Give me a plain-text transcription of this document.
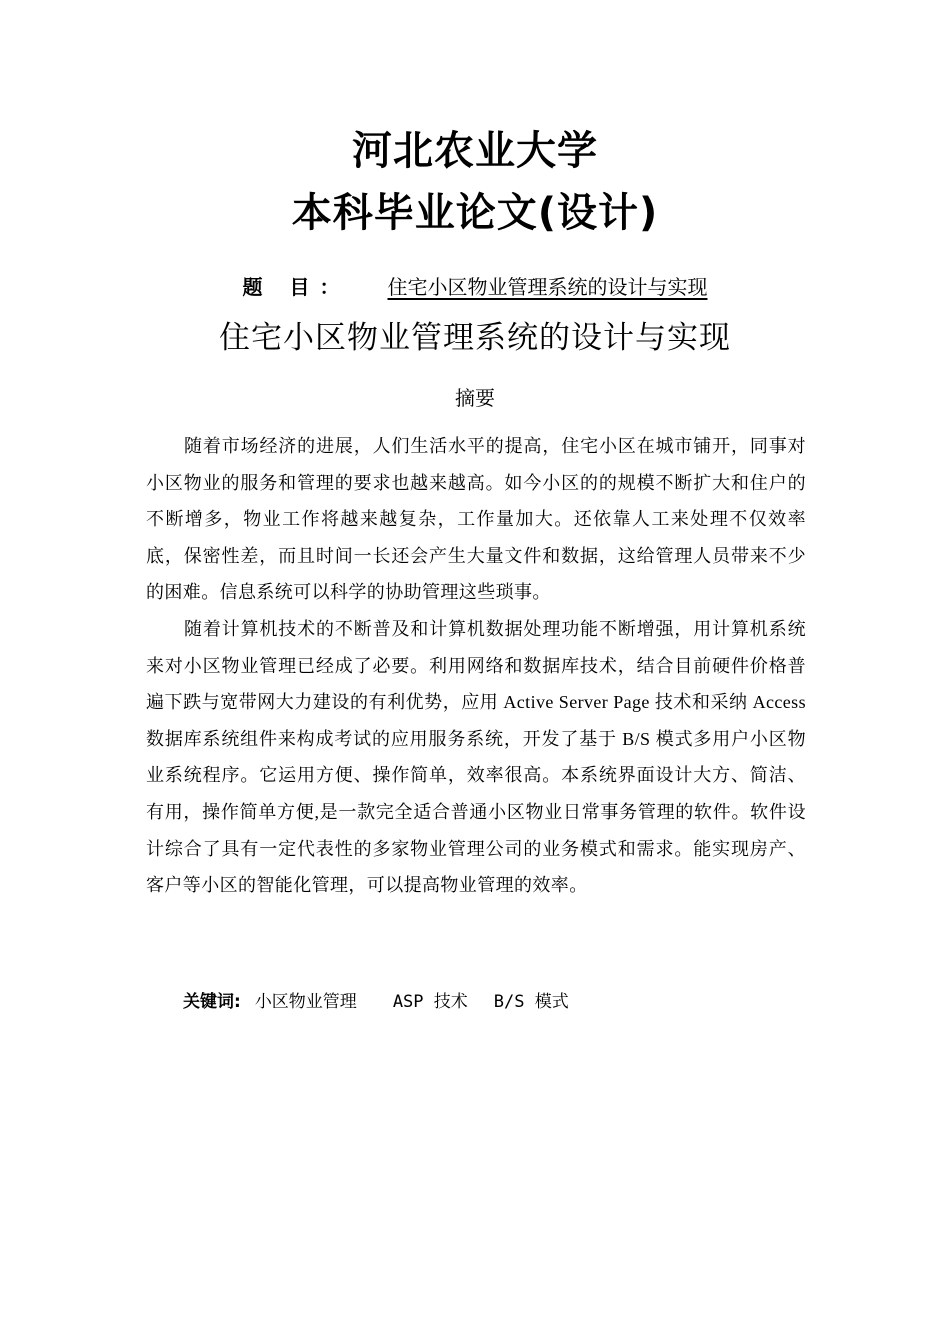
河北农业大学
本科毕业论文(设计)
题 目： 住宅小区物业管理系统的设计与实现
住宅小区物业管理系统的设计与实现
摘要

随着市场经济的进展，人们生活水平的提高，住宅小区在城市铺开，同事对小区物业的服务和管理的要求也越来越高。如今小区的的规模不断扩大和住户的不断增多，物业工作将越来越复杂，工作量加大。还依靠人工来处理不仅效率底，保密性差，而且时间一长还会产生大量文件和数据，这给管理人员带来不少的困难。信息系统可以科学的协助管理这些琐事。

随着计算机技术的不断普及和计算机数据处理功能不断增强，用计算机系统来对小区物业管理已经成了必要。利用网络和数据库技术，结合目前硬件价格普遍下跌与宽带网大力建设的有利优势，应用 Active Server Page 技术和采纳 Access 数据库系统组件来构成考试的应用服务系统，开发了基于 B/S 模式多用户小区物业系统程序。它运用方便、操作简单，效率很高。本系统界面设计大方、简洁、有用，操作简单方便,是一款完全适合普通小区物业日常事务管理的软件。软件设计综合了具有一定代表性的多家物业管理公司的业务模式和需求。能实现房产、客户等小区的智能化管理，可以提高物业管理的效率。

关键词: 小区物业管理 ASP 技术 B/S 模式
